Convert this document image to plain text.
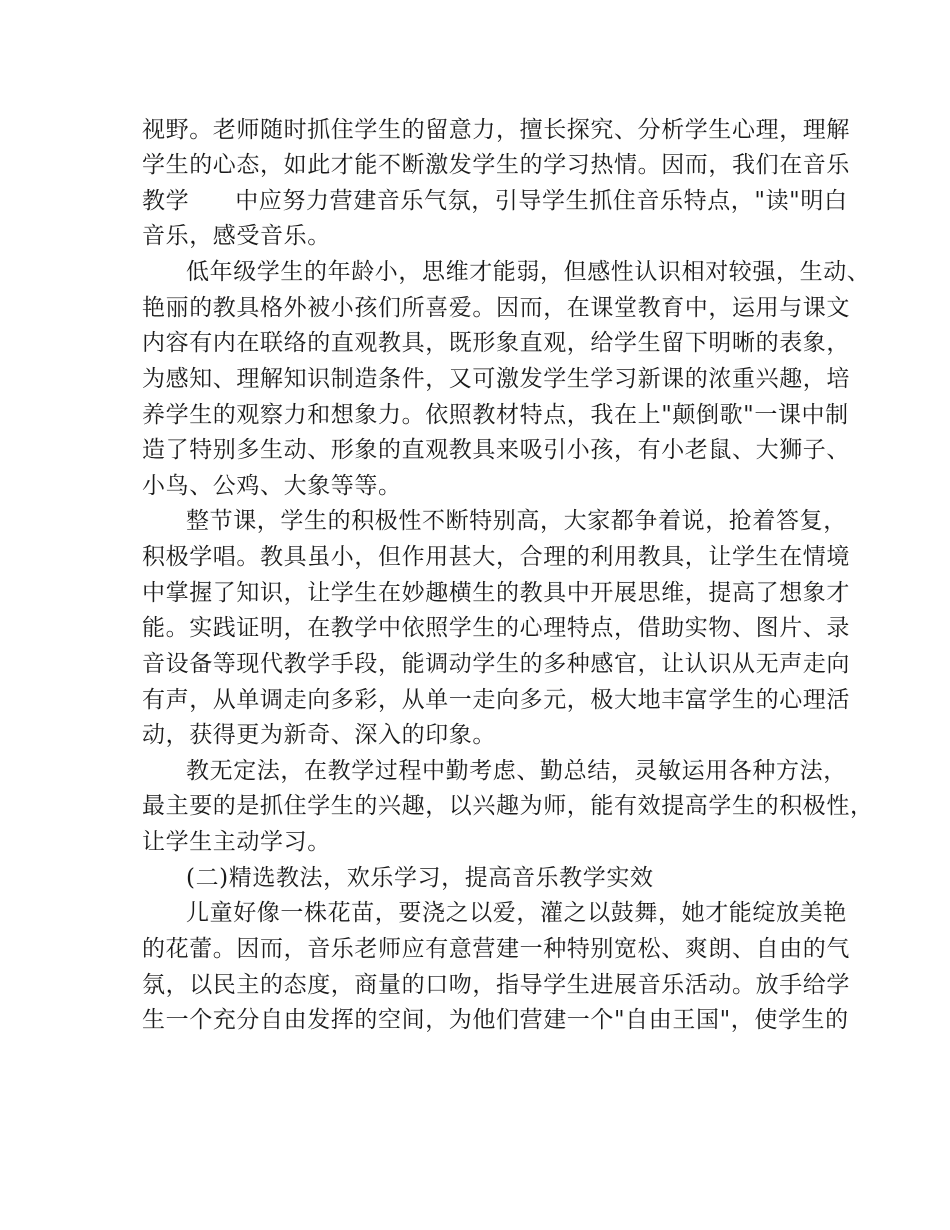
视野。老师随时抓住学生的留意力，擅长探究、分析学生心理，理解
学生的心态，如此才能不断激发学生的学习热情。因而，我们在音乐
教学 中应努力营建音乐气氛，引导学生抓住音乐特点，"读"明白
音乐，感受音乐。
低年级学生的年龄小，思维才能弱，但感性认识相对较强，生动、
艳丽的教具格外被小孩们所喜爱。因而，在课堂教育中，运用与课文
内容有内在联络的直观教具，既形象直观，给学生留下明晰的表象，
为感知、理解知识制造条件，又可激发学生学习新课的浓重兴趣，培
养学生的观察力和想象力。依照教材特点，我在上"颠倒歌"一课中制
造了特别多生动、形象的直观教具来吸引小孩，有小老鼠、大狮子、
小鸟、公鸡、大象等等。
整节课，学生的积极性不断特别高，大家都争着说，抢着答复，
积极学唱。教具虽小，但作用甚大，合理的利用教具，让学生在情境
中掌握了知识，让学生在妙趣横生的教具中开展思维，提高了想象才
能。实践证明，在教学中依照学生的心理特点，借助实物、图片、录
音设备等现代教学手段，能调动学生的多种感官，让认识从无声走向
有声，从单调走向多彩，从单一走向多元，极大地丰富学生的心理活
动，获得更为新奇、深入的印象。
教无定法，在教学过程中勤考虑、勤总结，灵敏运用各种方法，
最主要的是抓住学生的兴趣，以兴趣为师，能有效提高学生的积极性，
让学生主动学习。
(二)精选教法，欢乐学习，提高音乐教学实效
儿童好像一株花苗，要浇之以爱，灌之以鼓舞，她才能绽放美艳
的花蕾。因而，音乐老师应有意营建一种特别宽松、爽朗、自由的气
氛，以民主的态度，商量的口吻，指导学生进展音乐活动。放手给学
生一个充分自由发挥的空间，为他们营建一个"自由王国"，使学生的
